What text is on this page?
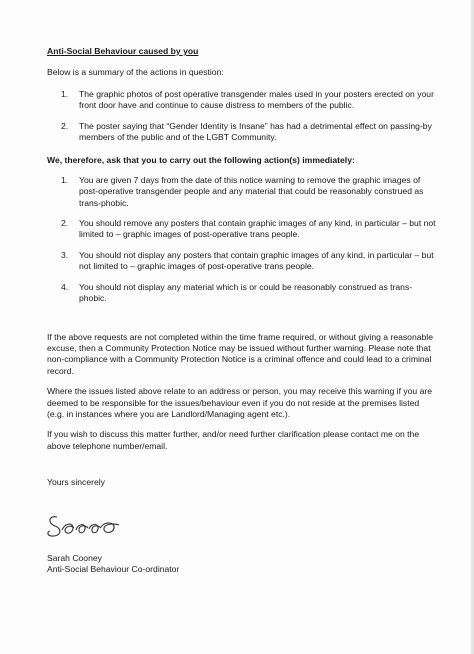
Anti-Social Behaviour caused by you

Below is a summary of the actions in question:

1. The graphic photos of post operative transgender males used in your posters erected on your front door have and continue to cause distress to members of the public.
2. The poster saying that “Gender Identity is Insane” has had a detrimental effect on passing-by members of the public and of the LGBT Community.

We, therefore, ask that you to carry out the following action(s) immediately:

1. You are given 7 days from the date of this notice warning to remove the graphic images of post-operative transgender people and any material that could be reasonably construed as trans-phobic.
2. You should remove any posters that contain graphic images of any kind, in particular – but not limited to – graphic images of post-operative trans people.
3. You should not display any posters that contain graphic images of any kind, in particular – but not limited to – graphic images of post-operative trans people.
4. You should not display any material which is or could be reasonably construed as trans-phobic.

If the above requests are not completed within the time frame required, or without giving a reasonable excuse, then a Community Protection Notice may be issued without further warning. Please note that non-compliance with a Community Protection Notice is a criminal offence and could lead to a criminal record.

Where the issues listed above relate to an address or person, you may receive this warning if you are deemed to be responsible for the issues/behaviour even if you do not reside at the premises listed (e.g. in instances where you are Landlord/Managing agent etc.).

If you wish to discuss this matter further, and/or need further clarification please contact me on the above telephone number/email.

Yours sincerely

Sarah Cooney

Anti-Social Behaviour Co-ordinator
